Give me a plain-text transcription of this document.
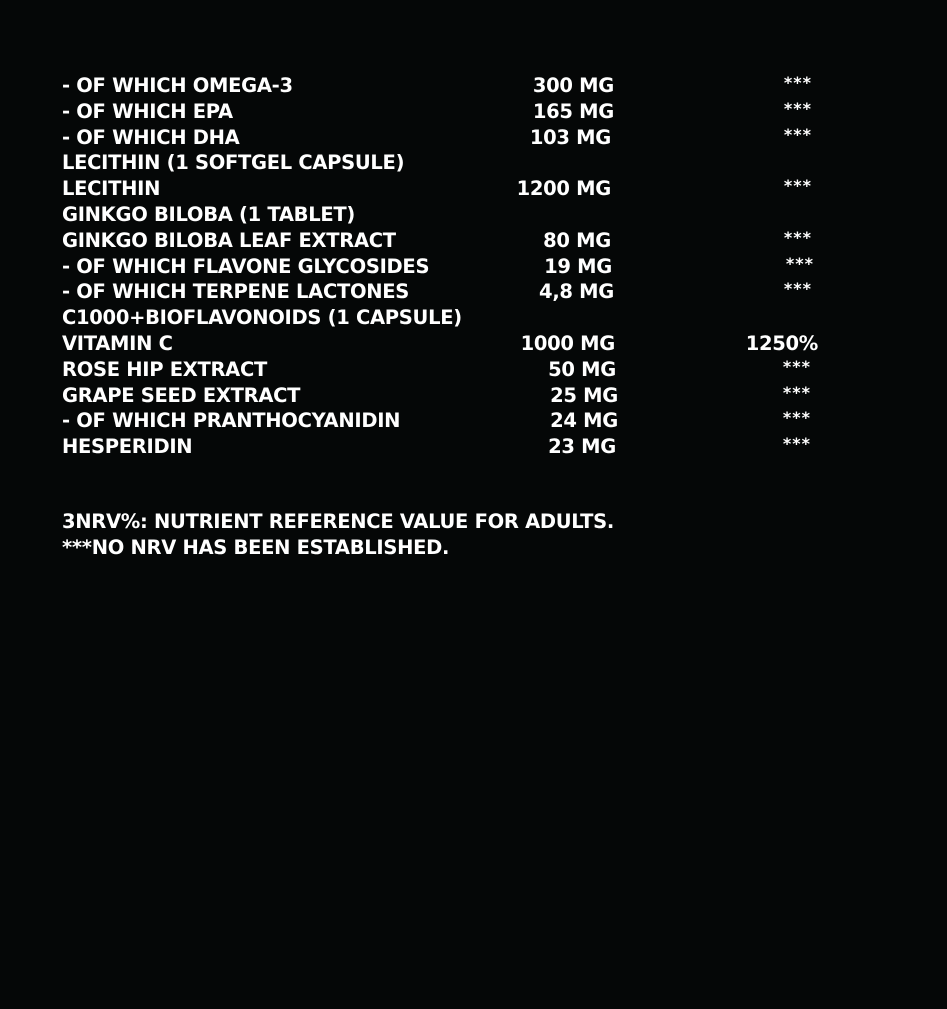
- OF WHICH OMEGA-3	300 MG	***
- OF WHICH EPA	165 MG	***
- OF WHICH DHA	103 MG	***
LECITHIN (1 SOFTGEL CAPSULE)
LECITHIN	1200 MG	***
GINKGO BILOBA (1 TABLET)
GINKGO BILOBA LEAF EXTRACT	80 MG	***
- OF WHICH FLAVONE GLYCOSIDES	19 MG	***
- OF WHICH TERPENE LACTONES	4,8 MG	***
C1000+BIOFLAVONOIDS (1 CAPSULE)
VITAMIN C	1000 MG	1250%
ROSE HIP EXTRACT	50 MG	***
GRAPE SEED EXTRACT	25 MG	***
- OF WHICH PRANTHOCYANIDIN	24 MG	***
HESPERIDIN	23 MG	***
3NRV%: NUTRIENT REFERENCE VALUE FOR ADULTS.
***NO NRV HAS BEEN ESTABLISHED.
